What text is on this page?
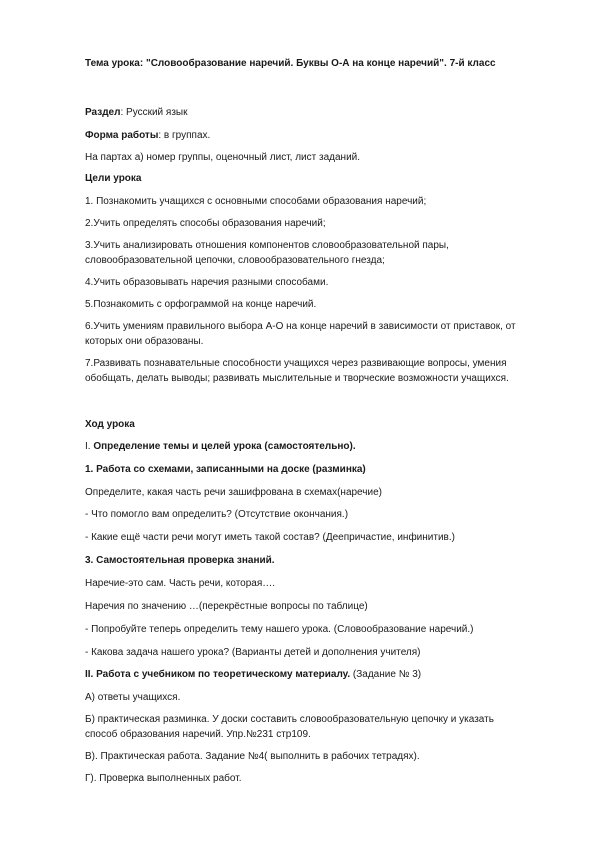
Тема урока: "Словообразование наречий. Буквы О-А на конце наречий". 7-й класс

Раздел: Русский язык

Форма работы: в группах.

На партах а) номер группы, оценочный лист, лист заданий.

Цели урока

1. Познакомить учащихся с основными способами образования наречий;

2.Учить определять способы образования наречий;

3.Учить анализировать отношения компонентов словообразовательной пары,

словообразовательной цепочки, словообразовательного гнезда;

4.Учить образовывать наречия разными способами.

5.Познакомить с орфограммой на конце наречий.

6.Учить умениям правильного выбора А-О на конце наречий в зависимости от приставок, от

которых они образованы.

7.Развивать познавательные способности учащихся через развивающие вопросы, умения

обобщать, делать выводы; развивать мыслительные и творческие возможности учащихся.

Ход урока

I. Определение темы и целей урока (самостоятельно).

1. Работа со схемами, записанными на доске (разминка)

Определите, какая часть речи зашифрована в схемах(наречие)

- Что помогло вам определить? (Отсутствие окончания.)

- Какие ещё части речи могут иметь такой состав? (Деепричастие, инфинитив.)

3. Самостоятельная проверка знаний.

Наречие-это сам. Часть речи, которая….

Наречия по значению …(перекрёстные вопросы по таблице)

- Попробуйте теперь определить тему нашего урока. (Словообразование наречий.)

- Какова задача нашего урока? (Варианты детей и дополнения учителя)

II. Работа с учебником по теоретическому материалу. (Задание № 3)

А) ответы учащихся.

Б) практическая разминка. У доски составить словообразовательную цепочку и указать

способ образования наречий. Упр.№231 стр109.

В). Практическая работа. Задание №4( выполнить в рабочих тетрадях).

Г). Проверка выполненных работ.
